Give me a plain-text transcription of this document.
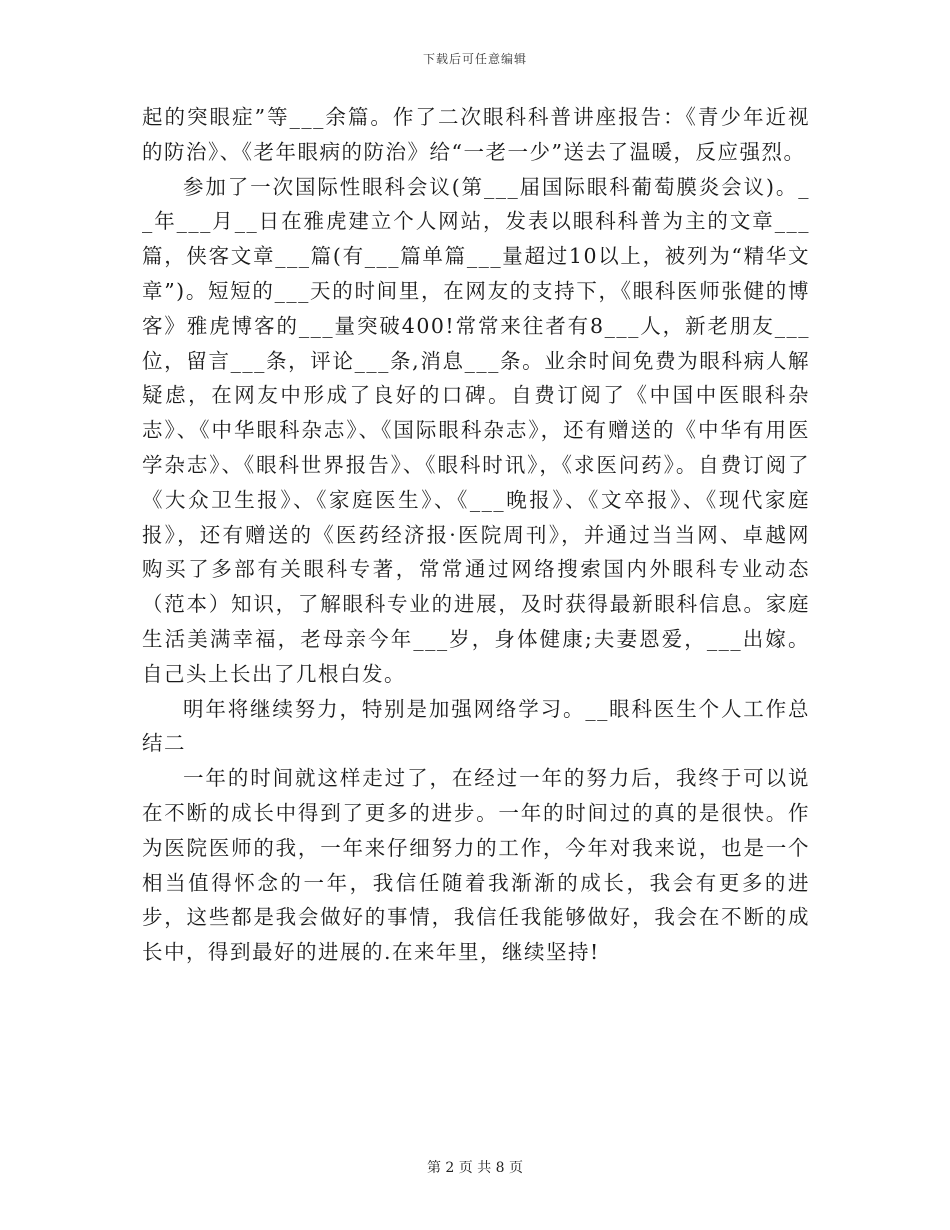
下载后可任意编辑

起的突眼症”等___余篇。作了二次眼科科普讲座报告：《青少年近视的防治》、《老年眼病的防治》给“一老一少”送去了温暖，反应强烈。

参加了一次国际性眼科会议(第___届国际眼科葡萄膜炎会议)。__年___月__日在雅虎建立个人网站，发表以眼科科普为主的文章___篇，侠客文章___篇(有___篇单篇___量超过10以上，被列为“精华文章”)。短短的___天的时间里，在网友的支持下，《眼科医师张健的博客》雅虎博客的___量突破400!常常来往者有8___人，新老朋友___位，留言___条，评论___条,消息___条。业余时间免费为眼科病人解疑虑，在网友中形成了良好的口碑。自费订阅了《中国中医眼科杂志》、《中华眼科杂志》、《国际眼科杂志》，还有赠送的《中华有用医学杂志》、《眼科世界报告》、《眼科时讯》，《求医问药》。自费订阅了《大众卫生报》、《家庭医生》、《___晚报》、《文卒报》、《现代家庭报》，还有赠送的《医药经济报·医院周刊》，并通过当当网、卓越网购买了多部有关眼科专著，常常通过网络搜索国内外眼科专业动态（范本）知识，了解眼科专业的进展，及时获得最新眼科信息。家庭生活美满幸福，老母亲今年___岁，身体健康;夫妻恩爱，___出嫁。自己头上长出了几根白发。

明年将继续努力，特别是加强网络学习。__眼科医生个人工作总结二

一年的时间就这样走过了，在经过一年的努力后，我终于可以说在不断的成长中得到了更多的进步。一年的时间过的真的是很快。作为医院医师的我，一年来仔细努力的工作，今年对我来说，也是一个相当值得怀念的一年，我信任随着我渐渐的成长，我会有更多的进步，这些都是我会做好的事情，我信任我能够做好，我会在不断的成长中，得到最好的进展的.在来年里，继续坚持!

第 2 页 共 8 页
